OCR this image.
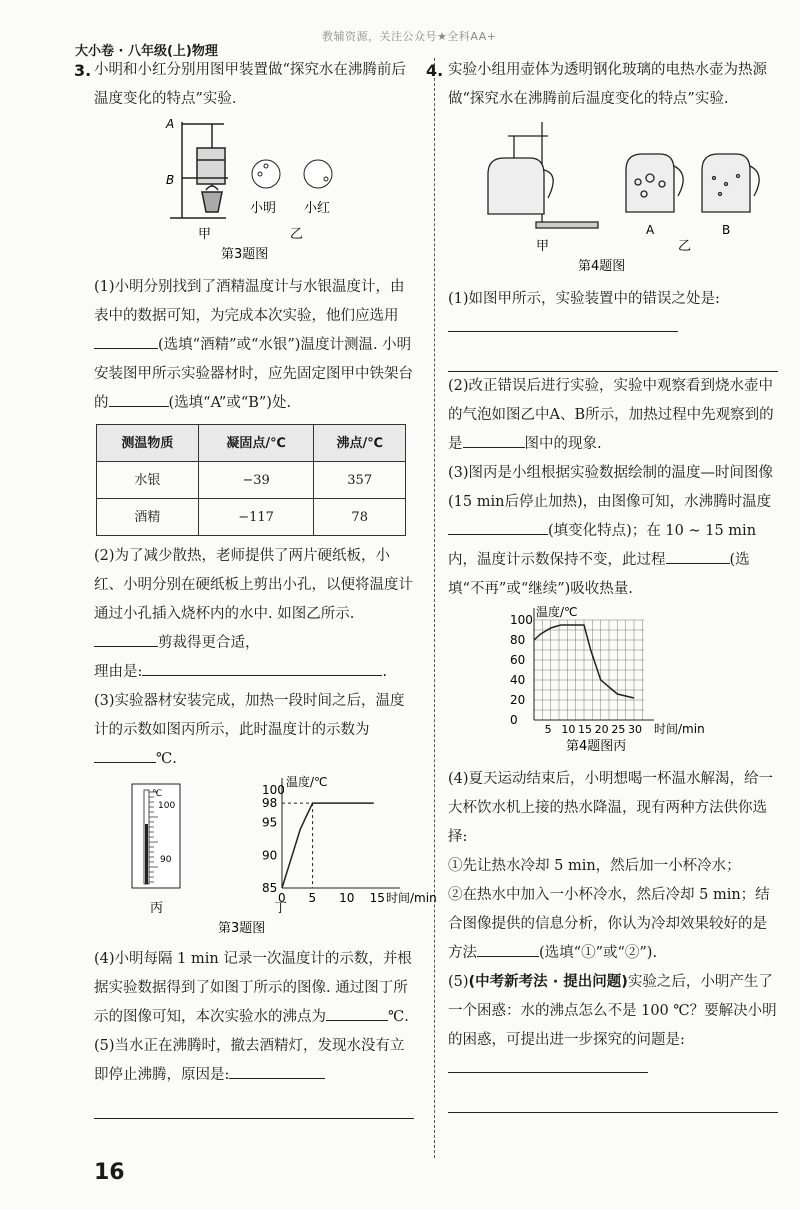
大小卷 · 八年级(上)物理
教辅资源，关注公众号★全科AA+
3. 小明和小红分别用图甲装置做“探究水在沸腾前后温度变化的特点”实验.

A
B
小明 小红
甲	乙
第3题图

(1)小明分别找到了酒精温度计与水银温度计，由表中的数据可知，为完成本次实验，他们应选用(选填“酒精”或“水银”)温度计测温. 小明安装图甲所示实验器材时，应先固定图甲中铁架台的	(选填“A”或“B”)处.

测温物质	凝固点/℃	沸点/℃
水银	−39	357
酒精	−117	78

(2)为了减少散热，老师提供了两片硬纸板，小红、小明分别在硬纸板上剪出小孔，以便将温度计通过小孔插入烧杯内的水中. 如图乙所示.剪裁得更合适，

理由是:	.

(3)实验器材安装完成，加热一段时间之后，温度计的示数如图丙所示，此时温度计的示数为℃.

℃
100
90
丙
100
98
95
90
85
0 5 10 15 时间/min
温度/℃
丁
第3题图

(4)小明每隔 1 min 记录一次温度计的示数，并根据实验数据得到了如图丁所示的图像. 通过图丁所示的图像可知，本次实验水的沸点为	℃.

(5)当水正在沸腾时，撤去酒精灯，发现水没有立即停止沸腾，原因是:

4. 实验小组用壶体为透明钢化玻璃的电热水壶为热源做“探究水在沸腾前后温度变化的特点”实验.

A	B
甲	乙
第4题图

(1)如图甲所示，实验装置中的错误之处是:

(2)改正错误后进行实验，实验中观察看到烧水壶中的气泡如图乙中A、B所示，加热过程中先观察到的是	图中的现象.

(3)图丙是小组根据实验数据绘制的温度—时间图像(15 min后停止加热)，由图像可知，水沸腾时温度(填变化特点)；在 10 ~ 15 min 内，温度计示数保持不变，此过程	(选填“不再”或“继续”)吸收热量.

0
20
40
60
80
100
5 10 15 20 25 30 时间/min
温度/℃
第4题图丙

(4)夏天运动结束后，小明想喝一杯温水解渴，给一大杯饮水机上接的热水降温，现有两种方法供你选择:

①先让热水冷却 5 min，然后加一小杯冷水；

②在热水中加入一小杯冷水，然后冷却 5 min；结合图像提供的信息分析，你认为冷却效果较好的是方法	(选填“①”或“②”).

(5)(中考新考法 · 提出问题)实验之后，小明产生了一个困惑：水的沸点怎么不是 100 ℃？要解决小明的困惑，可提出进一步探究的问题是:

16
